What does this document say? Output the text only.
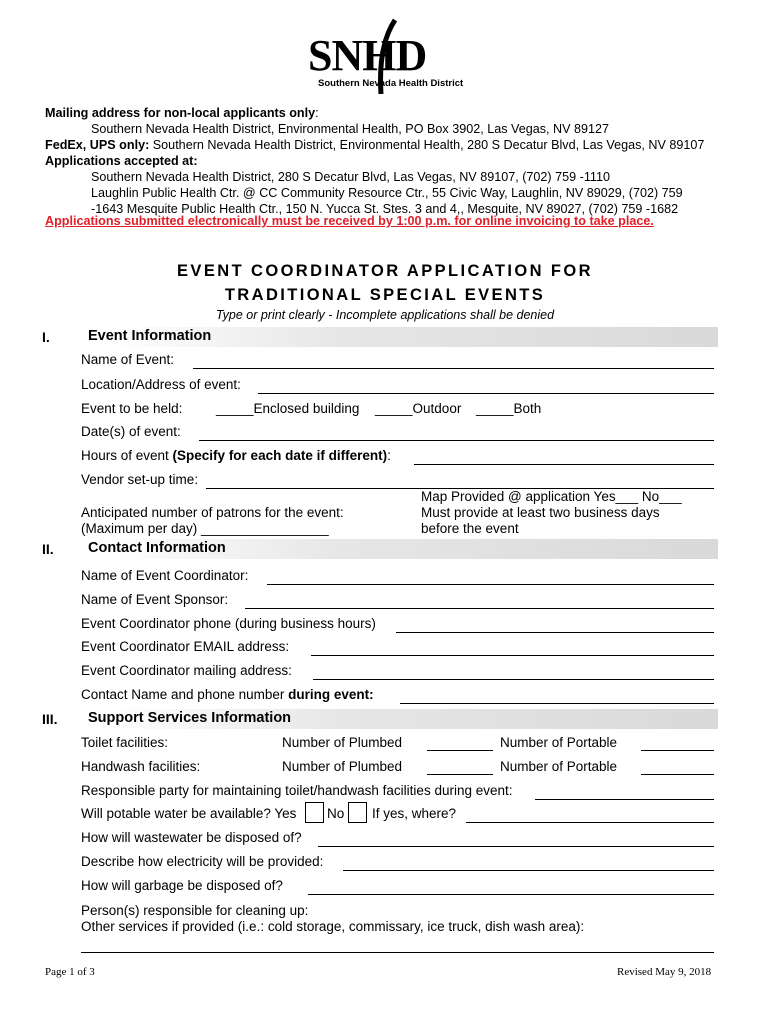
SNHD
Southern Nevada Health District
Mailing address for non-local applicants only:
Southern Nevada Health District, Environmental Health, PO Box 3902, Las Vegas, NV 89127
FedEx, UPS only: Southern Nevada Health District, Environmental Health, 280 S Decatur Blvd, Las Vegas, NV 89107
Applications accepted at:
Southern Nevada Health District, 280 S Decatur Blvd, Las Vegas, NV 89107, (702) 759 -1110
Laughlin Public Health Ctr. @ CC Community Resource Ctr., 55 Civic Way, Laughlin, NV 89029, (702) 759
-1643 Mesquite Public Health Ctr., 150 N. Yucca St. Stes. 3 and 4,, Mesquite, NV 89027, (702) 759 -1682
Applications submitted electronically must be received by 1:00 p.m. for online invoicing to take place.
EVENT COORDINATOR APPLICATION FOR
TRADITIONAL SPECIAL EVENTS
Type or print clearly - Incomplete applications shall be denied
I.	Event Information
Name of Event:
Location/Address of event:
Event to be held: _____Enclosed building _____Outdoor _____Both
Date(s) of event:
Hours of event (Specify for each date if different):
Vendor set-up time:
Anticipated number of patrons for the event:
(Maximum per day) _________________
Map Provided @ application Yes___ No___
Must provide at least two business days
before the event
II. Contact Information
Name of Event Coordinator:
Name of Event Sponsor:
Event Coordinator phone (during business hours)
Event Coordinator EMAIL address:
Event Coordinator mailing address:
Contact Name and phone number during event:
III. Support Services Information
Toilet facilities:	Number of Plumbed	Number of Portable
Handwash facilities:	Number of Plumbed	Number of Portable
Responsible party for maintaining toilet/handwash facilities during event:
Will potable water be available? Yes No If yes, where?
How will wastewater be disposed of?
Describe how electricity will be provided:
How will garbage be disposed of?
Person(s) responsible for cleaning up:
Other services if provided (i.e.: cold storage, commissary, ice truck, dish wash area):
Page 1 of 3	Revised May 9, 2018
